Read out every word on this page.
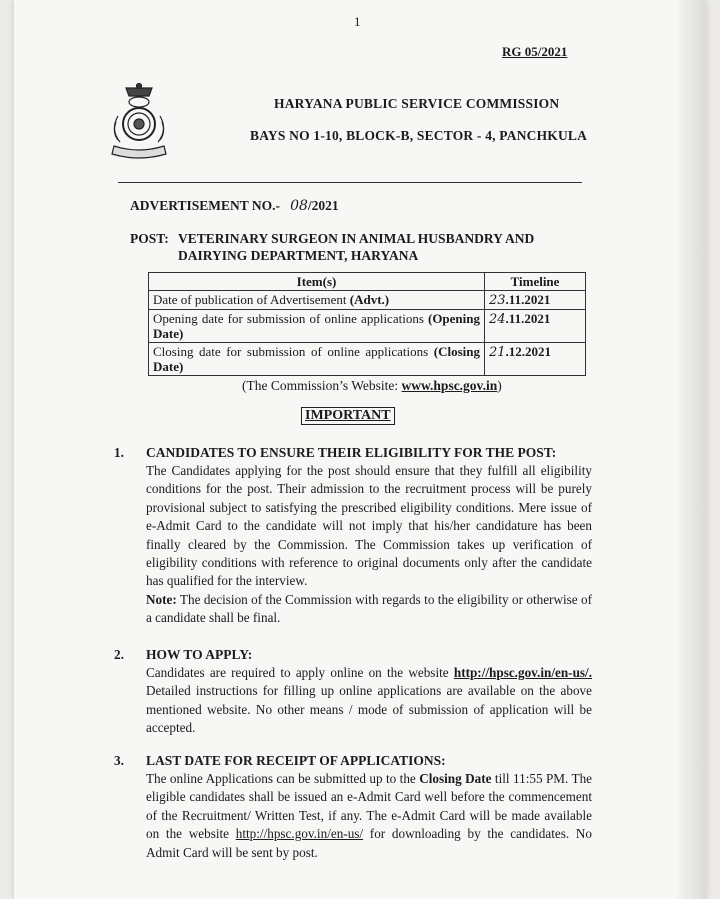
1
RG 05/2021
HARYANA PUBLIC SERVICE COMMISSION
BAYS NO 1-10, BLOCK-B, SECTOR - 4, PANCHKULA
ADVERTISEMENT NO.- 08/2021
POST: VETERINARY SURGEON IN ANIMAL HUSBANDRY AND DAIRYING DEPARTMENT, HARYANA
Item(s)	Timeline
Date of publication of Advertisement (Advt.)	23.11.2021
Opening date for submission of online applications (Opening Date)	24.11.2021
Closing date for submission of online applications (Closing Date)	21.12.2021
(The Commission’s Website: www.hpsc.gov.in)
IMPORTANT
1. CANDIDATES TO ENSURE THEIR ELIGIBILITY FOR THE POST:
The Candidates applying for the post should ensure that they fulfill all eligibility conditions for the post. Their admission to the recruitment process will be purely provisional subject to satisfying the prescribed eligibility conditions. Mere issue of e-Admit Card to the candidate will not imply that his/her candidature has been finally cleared by the Commission. The Commission takes up verification of eligibility conditions with reference to original documents only after the candidate has qualified for the interview.
Note: The decision of the Commission with regards to the eligibility or otherwise of a candidate shall be final.
2. HOW TO APPLY:
Candidates are required to apply online on the website http://hpsc.gov.in/en-us/. Detailed instructions for filling up online applications are available on the above mentioned website. No other means / mode of submission of application will be accepted.
3. LAST DATE FOR RECEIPT OF APPLICATIONS:
The online Applications can be submitted up to the Closing Date till 11:55 PM. The eligible candidates shall be issued an e-Admit Card well before the commencement of the Recruitment/ Written Test, if any. The e-Admit Card will be made available on the website http://hpsc.gov.in/en-us/ for downloading by the candidates. No Admit Card will be sent by post.
